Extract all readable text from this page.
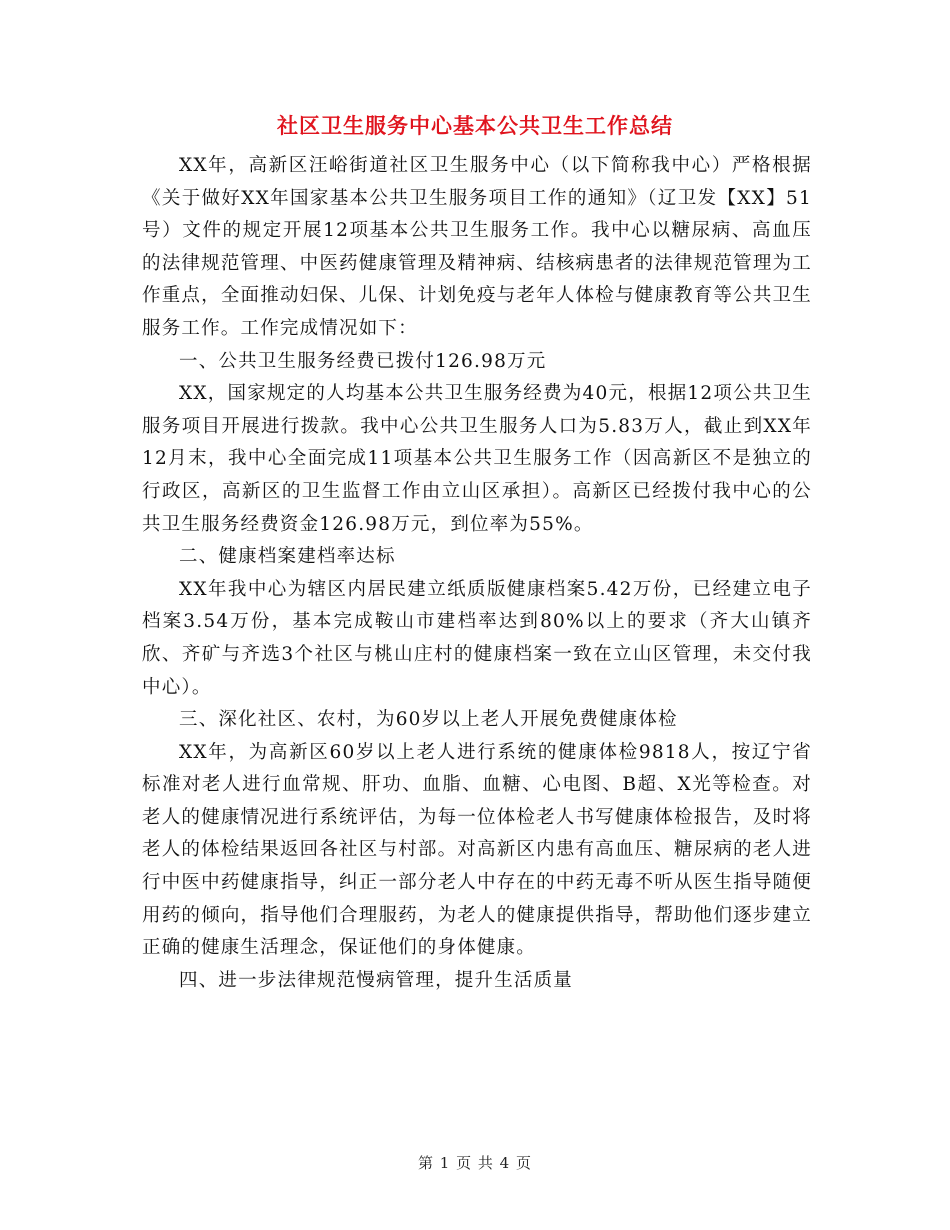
社区卫生服务中心基本公共卫生工作总结

XX年，高新区汪峪街道社区卫生服务中心（以下简称我中心）严格根据《关于做好XX年国家基本公共卫生服务项目工作的通知》（辽卫发【XX】51号）文件的规定开展12项基本公共卫生服务工作。我中心以糖尿病、高血压的法律规范管理、中医药健康管理及精神病、结核病患者的法律规范管理为工作重点，全面推动妇保、儿保、计划免疫与老年人体检与健康教育等公共卫生服务工作。工作完成情况如下：

一、公共卫生服务经费已拨付126.98万元

XX，国家规定的人均基本公共卫生服务经费为40元，根据12项公共卫生服务项目开展进行拨款。我中心公共卫生服务人口为5.83万人，截止到XX年12月末，我中心全面完成11项基本公共卫生服务工作（因高新区不是独立的行政区，高新区的卫生监督工作由立山区承担）。高新区已经拨付我中心的公共卫生服务经费资金126.98万元，到位率为55%。

二、健康档案建档率达标

XX年我中心为辖区内居民建立纸质版健康档案5.42万份，已经建立电子档案3.54万份，基本完成鞍山市建档率达到80%以上的要求（齐大山镇齐欣、齐矿与齐选3个社区与桃山庄村的健康档案一致在立山区管理，未交付我中心）。

三、深化社区、农村，为60岁以上老人开展免费健康体检

XX年，为高新区60岁以上老人进行系统的健康体检9818人，按辽宁省标准对老人进行血常规、肝功、血脂、血糖、心电图、B超、X光等检查。对老人的健康情况进行系统评估，为每一位体检老人书写健康体检报告，及时将老人的体检结果返回各社区与村部。对高新区内患有高血压、糖尿病的老人进行中医中药健康指导，纠正一部分老人中存在的中药无毒不听从医生指导随便用药的倾向，指导他们合理服药，为老人的健康提供指导，帮助他们逐步建立正确的健康生活理念，保证他们的身体健康。

四、进一步法律规范慢病管理，提升生活质量

第 1 页 共 4 页
